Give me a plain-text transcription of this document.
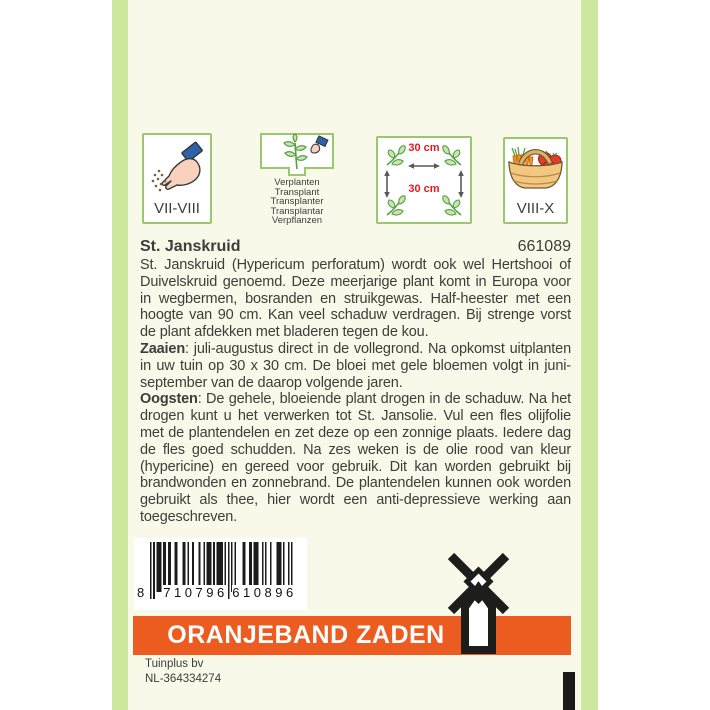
VII-VIII
Verplanten
Transplant
Transplanter
Transplantar
Verpflanzen
30 cm
30 cm
VIII-X
St. Janskruid	661089

St. Janskruid (Hypericum perforatum) wordt ook wel Hertshooi of Duivelskruid genoemd. Deze meerjarige plant komt in Europa voor in wegbermen, bosranden en struikgewas. Half-heester met een hoogte van 90 cm. Kan veel schaduw verdragen. Bij strenge vorst de plant afdekken met bladeren tegen de kou.

Zaaien: juli-augustus direct in de vollegrond. Na opkomst uitplanten in uw tuin op 30 x 30 cm. De bloei met gele bloemen volgt in juni-september van de daarop volgende jaren.

Oogsten: De gehele, bloeiende plant drogen in de schaduw. Na het drogen kunt u het verwerken tot St. Jansolie. Vul een fles olijfolie met de plantendelen en zet deze op een zonnige plaats. Iedere dag de fles goed schudden. Na zes weken is de olie rood van kleur (hypericine) en gereed voor gebruik. Dit kan worden gebruikt bij brandwonden en zonnebrand. De plantendelen kunnen ook worden gebruikt als thee, hier wordt een anti-depressieve werking aan toegeschreven.

8 710796 610896
ORANJEBAND ZADEN
Tuinplus bv
NL-364334274
